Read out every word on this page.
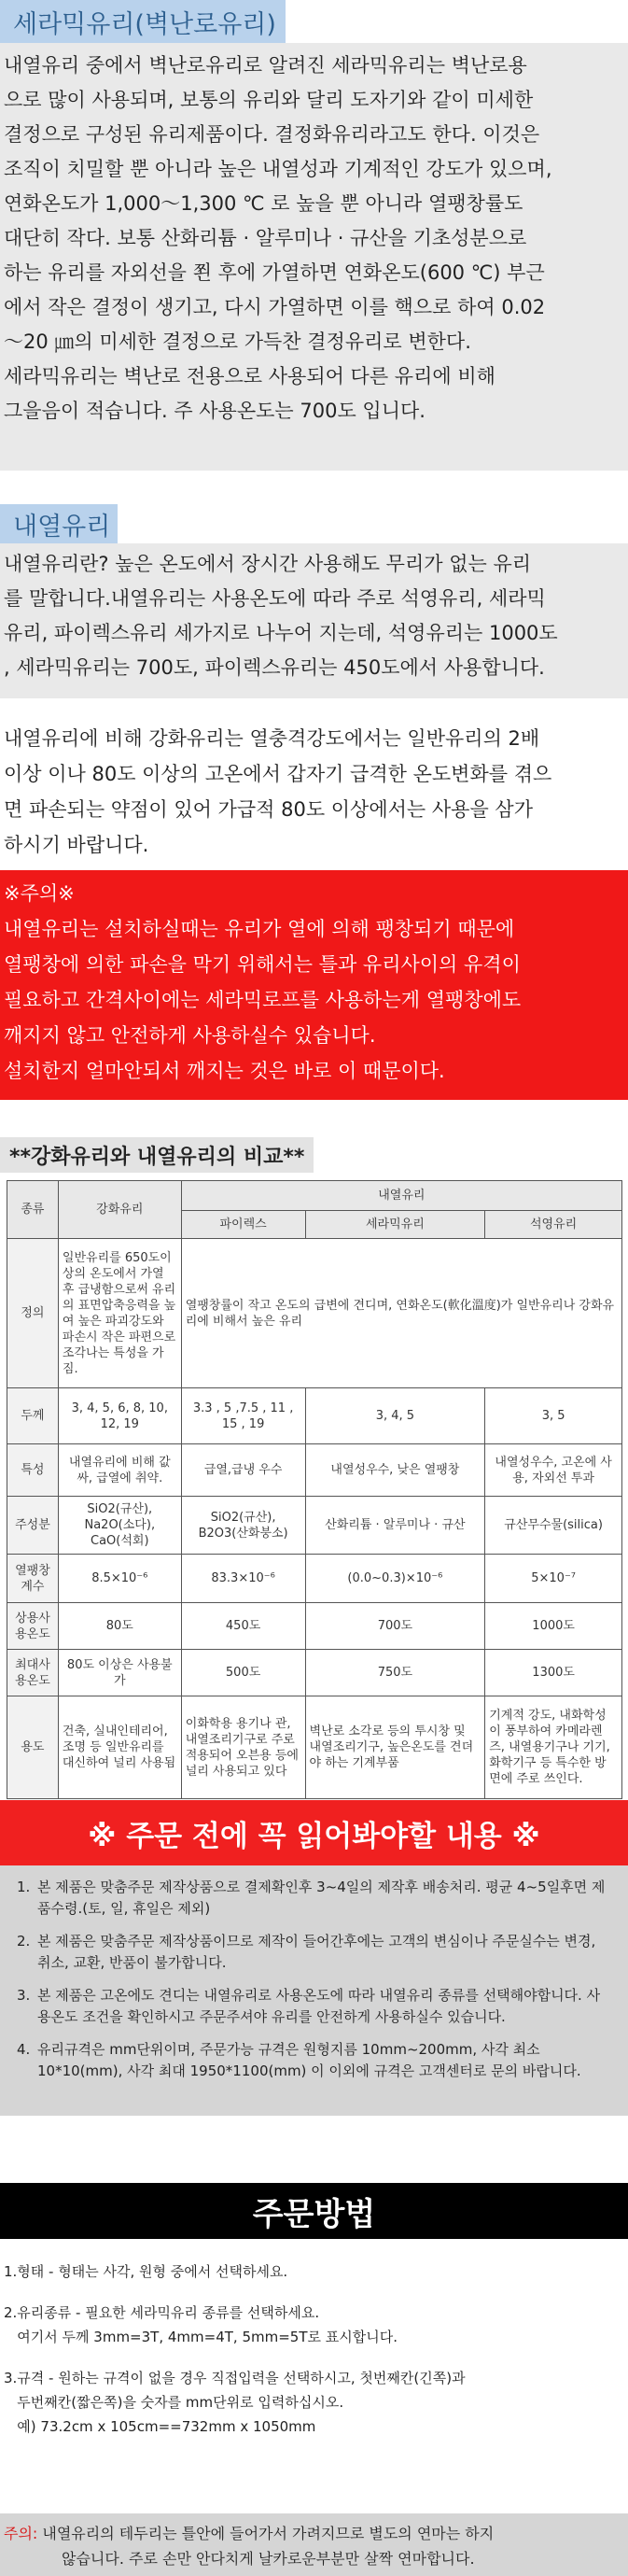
세라믹유리(벽난로유리)

내열유리 중에서 벽난로유리로 알려진 세라믹유리는 벽난로용

으로 많이 사용되며, 보통의 유리와 달리 도자기와 같이 미세한

결정으로 구성된 유리제품이다. 결정화유리라고도 한다. 이것은

조직이 치밀할 뿐 아니라 높은 내열성과 기계적인 강도가 있으며,

연화온도가 1,000～1,300 ℃ 로 높을 뿐 아니라 열팽창률도

대단히 작다. 보통 산화리튬 · 알루미나 · 규산을 기초성분으로

하는 유리를 자외선을 쬔 후에 가열하면 연화온도(600 ℃) 부근

에서 작은 결정이 생기고, 다시 가열하면 이를 핵으로 하여 0.02

～20 ㎛의 미세한 결정으로 가득찬 결정유리로 변한다.

세라믹유리는 벽난로 전용으로 사용되어 다른 유리에 비해

그을음이 적습니다. 주 사용온도는 700도 입니다.

내열유리

내열유리란? 높은 온도에서 장시간 사용해도 무리가 없는 유리

를 말합니다.내열유리는 사용온도에 따라 주로 석영유리, 세라믹

유리, 파이렉스유리 세가지로 나누어 지는데, 석영유리는 1000도

, 세라믹유리는 700도, 파이렉스유리는 450도에서 사용합니다.

내열유리에 비해 강화유리는 열충격강도에서는 일반유리의 2배

이상 이나 80도 이상의 고온에서 갑자기 급격한 온도변화를 겪으

면 파손되는 약점이 있어 가급적 80도 이상에서는 사용을 삼가

하시기 바랍니다.

※주의※

내열유리는 설치하실때는 유리가 열에 의해 팽창되기 때문에

열팽창에 의한 파손을 막기 위해서는 틀과 유리사이의 유격이

필요하고 간격사이에는 세라믹로프를 사용하는게 열팽창에도

깨지지 않고 안전하게 사용하실수 있습니다.

설치한지 얼마안되서 깨지는 것은 바로 이 때문이다.

**강화유리와 내열유리의 비교**
종류	강화유리	내열유리		
		파이렉스	세라믹유리	석영유리
정의	일반유리를 650도이상의 온도에서 가열 후 급냉함으로써 유리의 표면압축응력을 높여 높은 파괴강도와 파손시 작은 파편으로 조각나는 특성을 가짐.	열팽창률이 작고 온도의 급변에 견디며, 연화온도(軟化溫度)가 일반유리나 강화유리에 비해서 높은 유리		
두께	3, 4, 5, 6, 8, 10, 12, 19	3.3 , 5 ,7.5 , 11 , 15 , 19	3, 4, 5	3, 5
특성	내열유리에 비해 값싸, 급열에 취약.	급열,급냉 우수	내열성우수, 낮은 열팽창	내열성우수, 고온에 사용, 자외선 투과
주성분	SiO2(규산), Na2O(소다), CaO(석회)	SiO2(규산), B2O3(산화붕소)	산화리튬 · 알루미나 · 규산	규산무수물(silica)
열팽창계수	8.5×10⁻⁶	83.3×10⁻⁶	(0.0~0.3)×10⁻⁶	5×10⁻⁷
상용사용온도	80도	450도	700도	1000도
최대사용온도	80도 이상은 사용불가	500도	750도	1300도
용도	건축, 실내인테리어, 조명 등 일반유리를 대신하여 널리 사용됨	이화학용 용기나 관, 내열조리기구로 주로 적용되어 오븐용 등에 널리 사용되고 있다	벽난로 소각로 등의 투시창 및 내열조리기구, 높은온도를 견뎌야 하는 기계부품	기계적 강도, 내화학성이 풍부하여 카메라렌즈, 내열용기구나 기기, 화학기구 등 특수한 방면에 주로 쓰인다.
※ 주문 전에 꼭 읽어봐야할 내용 ※
1. 본 제품은 맞춤주문 제작상품으로 결제확인후 3~4일의 제작후 배송처리. 평균 4~5일후면 제품수령.(토, 일, 휴일은 제외)
2. 본 제품은 맞춤주문 제작상품이므로 제작이 들어간후에는 고객의 변심이나 주문실수는 변경, 취소, 교환, 반품이 불가합니다.
3. 본 제품은 고온에도 견디는 내열유리로 사용온도에 따라 내열유리 종류를 선택해야합니다. 사용온도 조건을 확인하시고 주문주셔야 유리를 안전하게 사용하실수 있습니다.
4. 유리규격은 mm단위이며, 주문가능 규격은 원형지름 10mm~200mm, 사각 최소 10*10(mm), 사각 최대 1950*1100(mm) 이 이외에 규격은 고객센터로 문의 바랍니다.
주문방법
1.형태 - 형태는 사각, 원형 중에서 선택하세요.
2.유리종류 - 필요한 세라믹유리 종류를 선택하세요.
여기서 두께 3mm=3T, 4mm=4T, 5mm=5T로 표시합니다.
3.규격 - 원하는 규격이 없을 경우 직접입력을 선택하시고, 첫번째칸(긴쪽)과
두번째칸(짧은쪽)을 숫자를 mm단위로 입력하십시오.
예) 73.2cm x 105cm==732mm x 1050mm
주의: 내열유리의 테두리는 틀안에 들어가서 가려지므로 별도의 연마는 하지
않습니다. 주로 손만 안다치게 날카로운부분만 살짝 연마합니다.
